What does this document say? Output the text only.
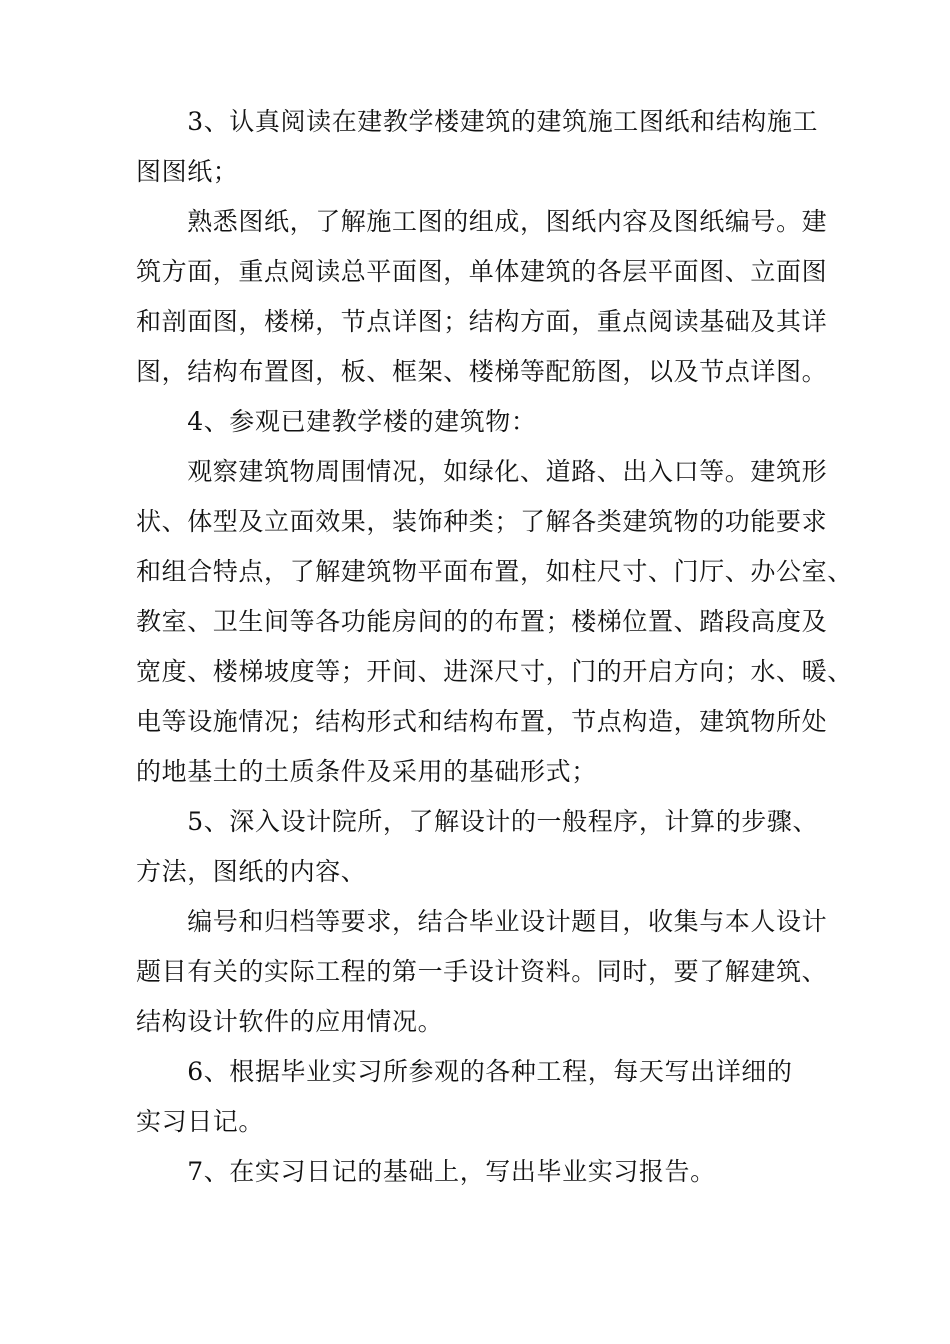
　　3、认真阅读在建教学楼建筑的建筑施工图纸和结构施工
图图纸；
　　熟悉图纸，了解施工图的组成，图纸内容及图纸编号。建
筑方面，重点阅读总平面图，单体建筑的各层平面图、立面图
和剖面图，楼梯，节点详图；结构方面，重点阅读基础及其详
图，结构布置图，板、框架、楼梯等配筋图，以及节点详图。
　　4、参观已建教学楼的建筑物：
　　观察建筑物周围情况，如绿化、道路、出入口等。建筑形
状、体型及立面效果，装饰种类；了解各类建筑物的功能要求
和组合特点，了解建筑物平面布置，如柱尺寸、门厅、办公室、
教室、卫生间等各功能房间的的布置；楼梯位置、踏段高度及
宽度、楼梯坡度等；开间、进深尺寸，门的开启方向；水、暖、
电等设施情况；结构形式和结构布置，节点构造，建筑物所处
的地基土的土质条件及采用的基础形式；
　　5、深入设计院所，了解设计的一般程序，计算的步骤、
方法，图纸的内容、
　　编号和归档等要求，结合毕业设计题目，收集与本人设计
题目有关的实际工程的第一手设计资料。同时，要了解建筑、
结构设计软件的应用情况。
　　6、根据毕业实习所参观的各种工程，每天写出详细的
实习日记。
　　7、在实习日记的基础上，写出毕业实习报告。
